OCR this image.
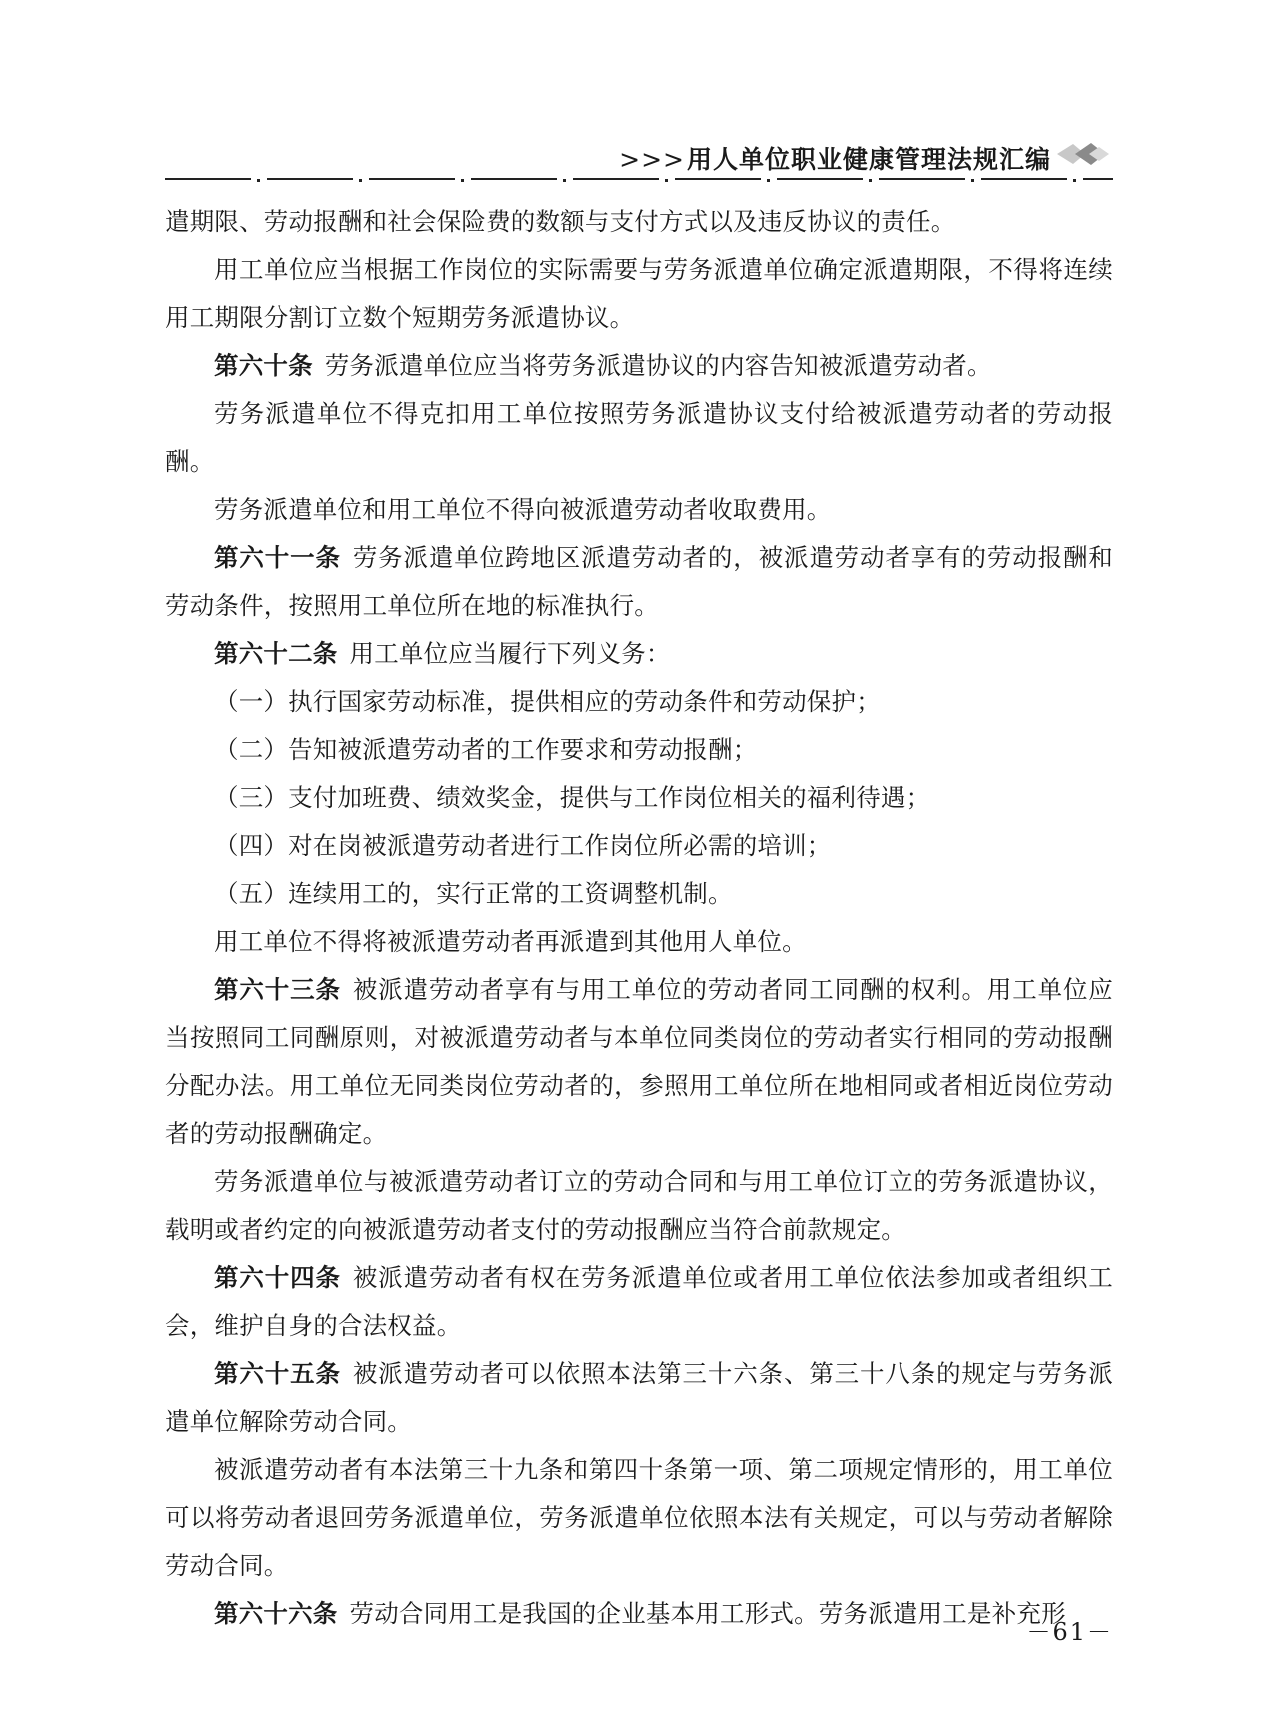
>>>用人单位职业健康管理法规汇编

遣期限、劳动报酬和社会保险费的数额与支付方式以及违反协议的责任。

用工单位应当根据工作岗位的实际需要与劳务派遣单位确定派遣期限，不得将连续用工期限分割订立数个短期劳务派遣协议。

第六十条 劳务派遣单位应当将劳务派遣协议的内容告知被派遣劳动者。

劳务派遣单位不得克扣用工单位按照劳务派遣协议支付给被派遣劳动者的劳动报酬。

劳务派遣单位和用工单位不得向被派遣劳动者收取费用。

第六十一条 劳务派遣单位跨地区派遣劳动者的，被派遣劳动者享有的劳动报酬和劳动条件，按照用工单位所在地的标准执行。

第六十二条 用工单位应当履行下列义务：

（一）执行国家劳动标准，提供相应的劳动条件和劳动保护；

（二）告知被派遣劳动者的工作要求和劳动报酬；

（三）支付加班费、绩效奖金，提供与工作岗位相关的福利待遇；

（四）对在岗被派遣劳动者进行工作岗位所必需的培训；

（五）连续用工的，实行正常的工资调整机制。

用工单位不得将被派遣劳动者再派遣到其他用人单位。

第六十三条 被派遣劳动者享有与用工单位的劳动者同工同酬的权利。用工单位应当按照同工同酬原则，对被派遣劳动者与本单位同类岗位的劳动者实行相同的劳动报酬分配办法。用工单位无同类岗位劳动者的，参照用工单位所在地相同或者相近岗位劳动者的劳动报酬确定。

劳务派遣单位与被派遣劳动者订立的劳动合同和与用工单位订立的劳务派遣协议，载明或者约定的向被派遣劳动者支付的劳动报酬应当符合前款规定。

第六十四条 被派遣劳动者有权在劳务派遣单位或者用工单位依法参加或者组织工会，维护自身的合法权益。

第六十五条 被派遣劳动者可以依照本法第三十六条、第三十八条的规定与劳务派遣单位解除劳动合同。

被派遣劳动者有本法第三十九条和第四十条第一项、第二项规定情形的，用工单位可以将劳动者退回劳务派遣单位，劳务派遣单位依照本法有关规定，可以与劳动者解除劳动合同。

第六十六条 劳动合同用工是我国的企业基本用工形式。劳务派遣用工是补充形

－61－
